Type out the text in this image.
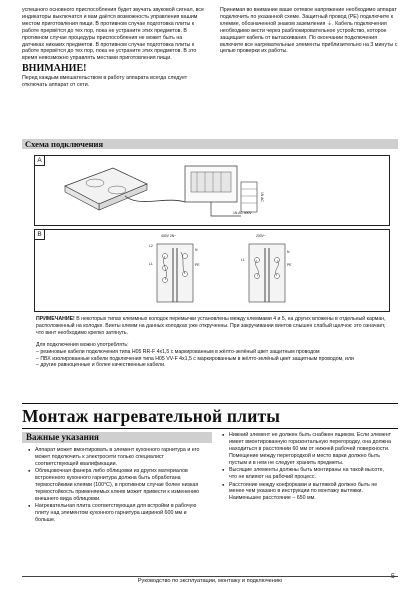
успешного основного приспособления будет звучать звуковой сигнал, все индикаторы выключатся и вам даётся возможность управления вашим местом приготовления пищи. В противном случае подготовка плиты к работе прервётся до тех пор, пока не устраните этих предметов. В противном случае процедуры приспособления не может быть на датчиках никаких предметов. В противном случае подготовка плиты к работе прервётся до тех пор, пока не устраните этих предметов. В это время невозможно управлять местами приготовления пищи.

ВНИМАНИЕ!

Перед каждым вмешательством в работу аппарата всегда следует отключать аппарат от сети.

Принимая во внимание ваше сетевое напряжение необходимо аппарат подключить по указанной схеме. Защитный провод (PE) подключите к клемме, обозначенной знаком заземления ⏚. Кабель подключения необходимо вести через разблокировательное устройство, которое защищает кабель от вытаскивания. По окончании подключения включите все нагревательные элементы приблизительно на 3 минуты с целью проверки их работы.

Схема подключения
A
1N AC 400V
1N AC
B	400V 2N~
L2
L1
N
PE
230V~
L1
N
PE

ПРИМЕЧАНИЕ! В некоторых типах клеммных колодок перемычки установлены между клеммами 4 и 5, на других вложены в отдельный карман, расположенный на колодке. Винты клемм на данных колодках уже открученны. При закручивании винтов слышен слабый щелчок: это означает, что винт необходимо крепко затянуть.

Для подключения можно употреблять:

– резиновые кабели подключения типа H05 RR-F 4x1,5 с маркированным в жёлто-зелёный цвет защитным проводом

– ПВХ изолированные кабели подключения типа H05 VV-F 4x1,5 с маркированным в жёлто-зелёный цвет защитным проводом, или

– другие равноценные и более качественные кабели.

Монтаж нагревательной плиты
Важные указания
● Аппарат может вмонтировать в элемент кухонного гарнитура и его может подключить к электросети только специалист соответствующей квалификации.
● Облицовочная фанера либо облицовки из других материалов встроенного кухонного гарнитура должна быть обработана термостойкими клеями (100°C), в противном случае более низкая термостойкость применяемых клеев может привести к изменению внешнего вида облицовки.
● Нагревательная плита соответствующая для встройки в рабочую плиту над элементом кухонного гарнитура шириной 600 мм и больше.
● Нижний элемент не должен быть снабжен ящиком. Если элемент имеет вмонтированную горизонтальную перегородку, она должна находиться в расстоянии 60 мм от нижней рабочей поверхности. Помещение между перегородкой и место варки должно быть пустым и в нем не следует хранить предметы.
● Высящие элементы должны быть монтираны на такой высоте, что не влияют на рабочий процесс.
● Расстояние между конфорками и вытяжкой должно быть не менее чем указано в инструкции по монтажу вытяжки. Наименьшее расстояние – 650 мм.
Руководство по эксплуатации, монтажу и подключению
5
